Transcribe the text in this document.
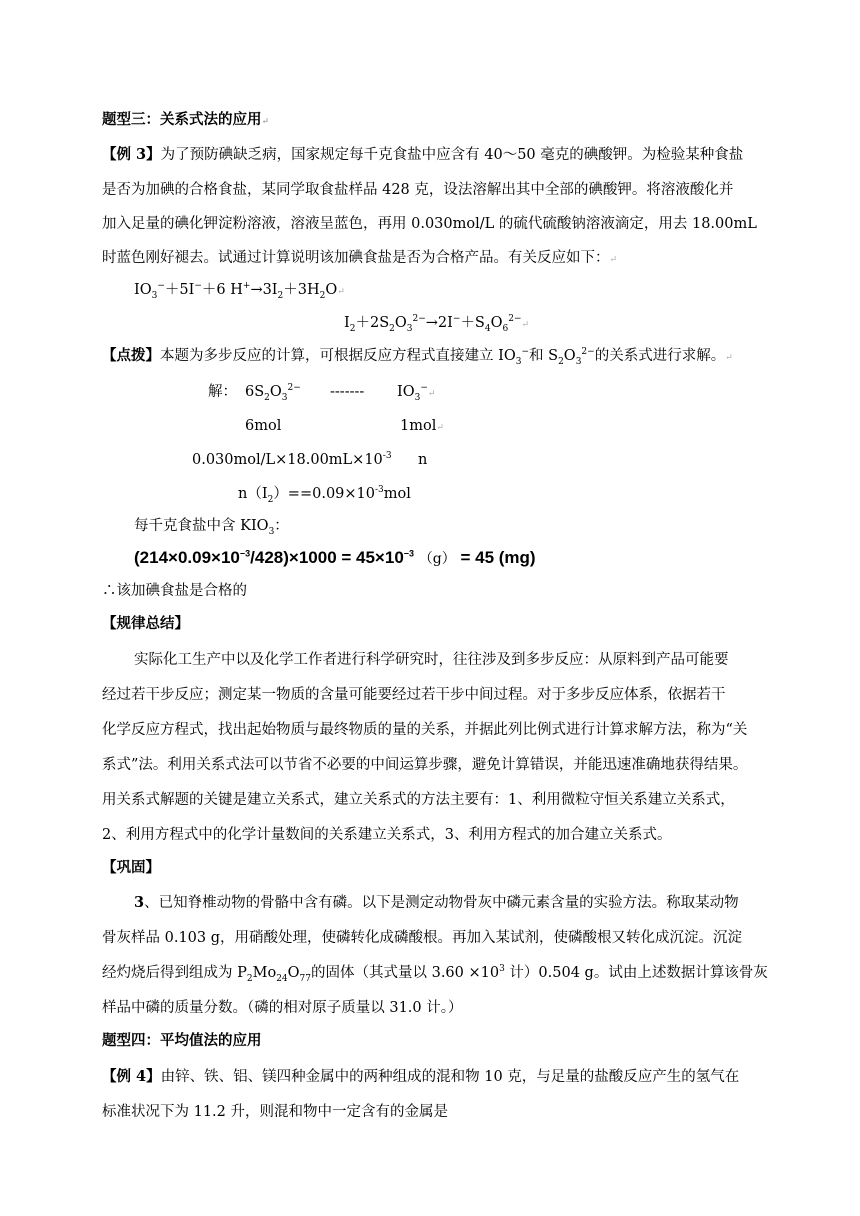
题型三：关系式法的应用↵
【例 3】为了预防碘缺乏病，国家规定每千克食盐中应含有 40～50 毫克的碘酸钾。为检验某种食盐
是否为加碘的合格食盐，某同学取食盐样品 428 克，设法溶解出其中全部的碘酸钾。将溶液酸化并
加入足量的碘化钾淀粉溶液，溶液呈蓝色，再用 0.030mol/L 的硫代硫酸钠溶液滴定，用去 18.00mL
时蓝色刚好褪去。试通过计算说明该加碘食盐是否为合格产品。有关反应如下：↵
$IO_3^-+5I^-+6$ $H^+\to 3I_2+3H_2O↵$
$I_2+2S_2O_3^{2-}\to 2I^-+S_4O_6^{2-}↵$
【点拨】本题为多步反应的计算，可根据反应方程式直接建立 $IO_3^-$和 $S_2O_3^{2-}$的关系式进行求解。↵
解： $6S_2O_3^{2-}$ ------- $IO_3^-↵$
6mol	1mol↵
$0.030mol/L\times 18.00mL\times 10^{-3}$ n
$n(I_2)==0.09\times 10^{-3}mol$
每千克食盐中含 $KIO_3$：
$(214\times 0.09\times 10^{-3}/428)\times 1000 = 45\times 10^{-3}$ （g） = 45 (mg)
∴该加碘食盐是合格的
【规律总结】
实际化工生产中以及化学工作者进行科学研究时，往往涉及到多步反应：从原料到产品可能要
经过若干步反应；测定某一物质的含量可能要经过若干步中间过程。对于多步反应体系，依据若干
化学反应方程式，找出起始物质与最终物质的量的关系，并据此列比例式进行计算求解方法，称为“关
系式”法。利用关系式法可以节省不必要的中间运算步骤，避免计算错误，并能迅速准确地获得结果。
用关系式解题的关键是建立关系式，建立关系式的方法主要有：1、利用微粒守恒关系建立关系式，
2、利用方程式中的化学计量数间的关系建立关系式，3、利用方程式的加合建立关系式。
【巩固】
3、已知脊椎动物的骨骼中含有磷。以下是测定动物骨灰中磷元素含量的实验方法。称取某动物
骨灰样品 0.103 g，用硝酸处理，使磷转化成磷酸根。再加入某试剂，使磷酸根又转化成沉淀。沉淀
经灼烧后得到组成为 $P_2Mo_{24}O_{77}$的固体（其式量以 $3.60 \times 10^3$ 计）0.504 g。试由上述数据计算该骨灰
样品中磷的质量分数。（磷的相对原子质量以 31.0 计。）
题型四：平均值法的应用
【例 4】由锌、铁、铝、镁四种金属中的两种组成的混和物 10 克，与足量的盐酸反应产生的氢气在
标准状况下为 11.2 升，则混和物中一定含有的金属是
